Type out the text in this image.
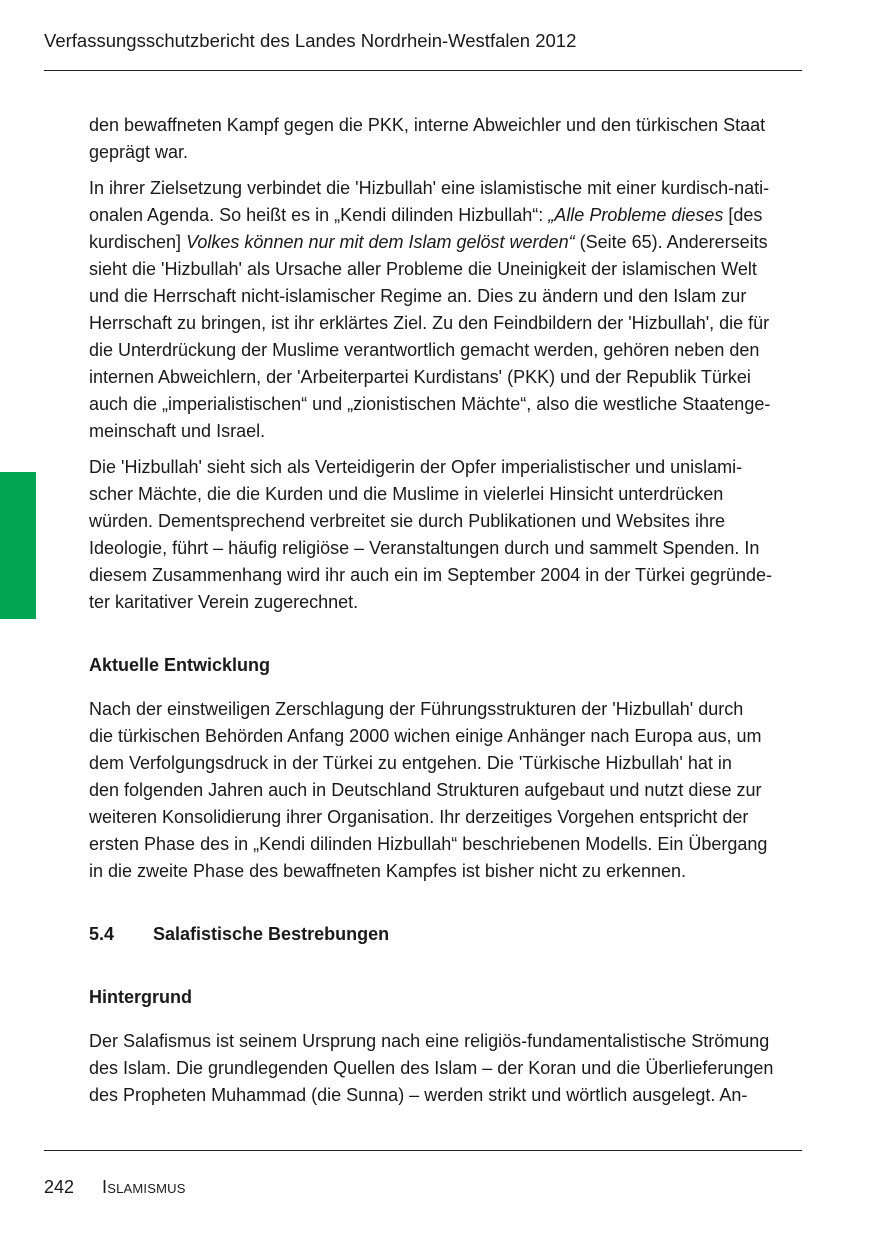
Verfassungsschutzbericht des Landes Nordrhein-Westfalen 2012

den bewaffneten Kampf gegen die PKK, interne Abweichler und den türkischen Staat

geprägt war.

In ihrer Zielsetzung verbindet die 'Hizbullah' eine islamistische mit einer kurdisch-nati-

onalen Agenda. So heißt es in „Kendi dilinden Hizbullah“: „Alle Probleme dieses [des

kurdischen] Volkes können nur mit dem Islam gelöst werden“ (Seite 65). Andererseits

sieht die 'Hizbullah' als Ursache aller Probleme die Uneinigkeit der islamischen Welt

und die Herrschaft nicht-islamischer Regime an. Dies zu ändern und den Islam zur

Herrschaft zu bringen, ist ihr erklärtes Ziel. Zu den Feindbildern der 'Hizbullah', die für

die Unterdrückung der Muslime verantwortlich gemacht werden, gehören neben den

internen Abweichlern, der 'Arbeiterpartei Kurdistans' (PKK) und der Republik Türkei

auch die „imperialistischen“ und „zionistischen Mächte“, also die westliche Staatenge-

meinschaft und Israel.

Die 'Hizbullah' sieht sich als Verteidigerin der Opfer imperialistischer und unislami-

scher Mächte, die die Kurden und die Muslime in vielerlei Hinsicht unterdrücken

würden. Dementsprechend verbreitet sie durch Publikationen und Websites ihre

Ideologie, führt – häufig religiöse – Veranstaltungen durch und sammelt Spenden. In

diesem Zusammenhang wird ihr auch ein im September 2004 in der Türkei gegründe-

ter karitativer Verein zugerechnet.

Aktuelle Entwicklung

Nach der einstweiligen Zerschlagung der Führungsstrukturen der 'Hizbullah' durch

die türkischen Behörden Anfang 2000 wichen einige Anhänger nach Europa aus, um

dem Verfolgungsdruck in der Türkei zu entgehen. Die 'Türkische Hizbullah' hat in

den folgenden Jahren auch in Deutschland Strukturen aufgebaut und nutzt diese zur

weiteren Konsolidierung ihrer Organisation. Ihr derzeitiges Vorgehen entspricht der

ersten Phase des in „Kendi dilinden Hizbullah“ beschriebenen Modells. Ein Übergang

in die zweite Phase des bewaffneten Kampfes ist bisher nicht zu erkennen.

5.4	Salafistische Bestrebungen

Hintergrund

Der Salafismus ist seinem Ursprung nach eine religiös-fundamentalistische Strömung

des Islam. Die grundlegenden Quellen des Islam – der Koran und die Überlieferungen

des Propheten Muhammad (die Sunna) – werden strikt und wörtlich ausgelegt. An-

242 Islamismus
